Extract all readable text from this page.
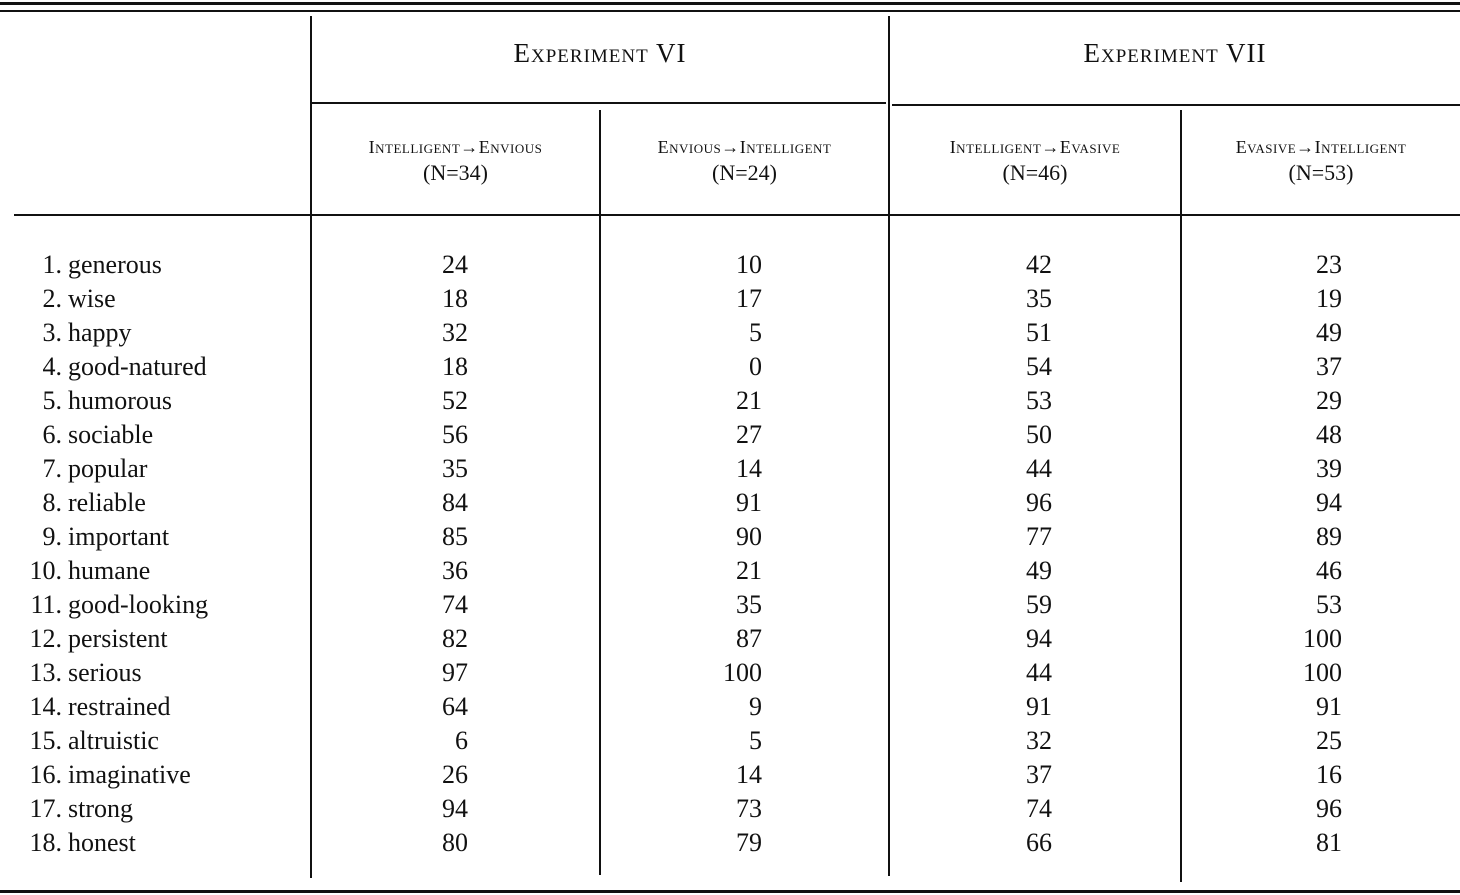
Experiment VI	Experiment VII
Intelligent→Envious
(N=34)
Envious→Intelligent
(N=24)
Intelligent→Evasive
(N=46)
Evasive→Intelligent
(N=53)
1. generous
2. wise
3. happy
4. good-natured
5. humorous
6. sociable
7. popular
8. reliable
9. important
10. humane
11. good-looking
12. persistent
13. serious
14. restrained
15. altruistic
16. imaginative
17. strong
18. honest
24
18
32
18
52
56
35
84
85
36
74
82
97
64
6
26
94
80
10
17
5
0
21
27
14
91
90
21
35
87
100
9
5
14
73
79
42
35
51
54
53
50
44
96
77
49
59
94
44
91
32
37
74
66
23
19
49
37
29
48
39
94
89
46
53
100
100
91
25
16
96
81
